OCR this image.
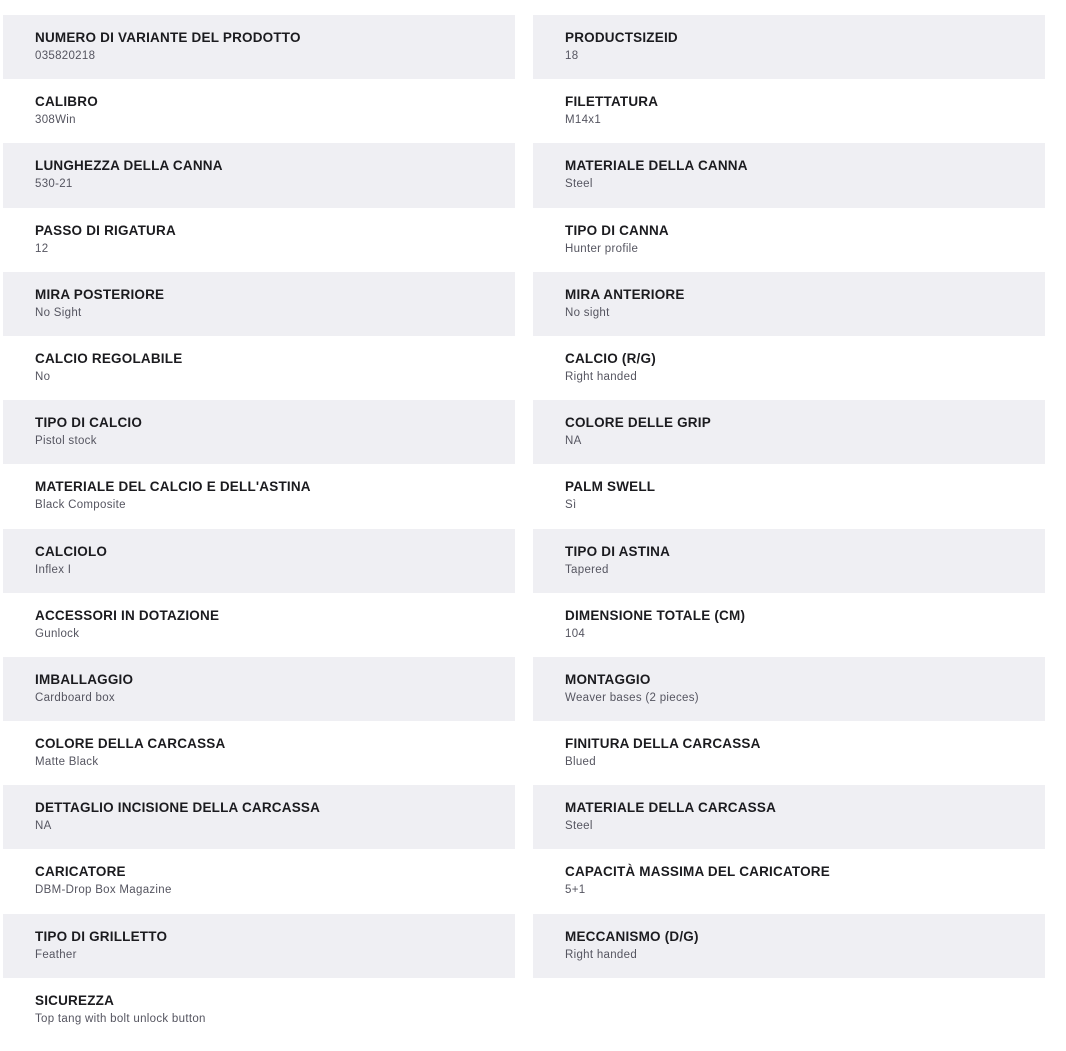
NUMERO DI VARIANTE DEL PRODOTTO
035820218
PRODUCTSIZEID
18
CALIBRO
308Win
FILETTATURA
M14x1
LUNGHEZZA DELLA CANNA
530-21
MATERIALE DELLA CANNA
Steel
PASSO DI RIGATURA
12
TIPO DI CANNA
Hunter profile
MIRA POSTERIORE
No Sight
MIRA ANTERIORE
No sight
CALCIO REGOLABILE
No
CALCIO (R/G)
Right handed
TIPO DI CALCIO
Pistol stock
COLORE DELLE GRIP
NA
MATERIALE DEL CALCIO E DELL'ASTINA
Black Composite
PALM SWELL
Sì
CALCIOLO
Inflex I
TIPO DI ASTINA
Tapered
ACCESSORI IN DOTAZIONE
Gunlock
DIMENSIONE TOTALE (CM)
104
IMBALLAGGIO
Cardboard box
MONTAGGIO
Weaver bases (2 pieces)
COLORE DELLA CARCASSA
Matte Black
FINITURA DELLA CARCASSA
Blued
DETTAGLIO INCISIONE DELLA CARCASSA
NA
MATERIALE DELLA CARCASSA
Steel
CARICATORE
DBM-Drop Box Magazine
CAPACITÀ MASSIMA DEL CARICATORE
5+1
TIPO DI GRILLETTO
Feather
MECCANISMO (D/G)
Right handed
SICUREZZA
Top tang with bolt unlock button
